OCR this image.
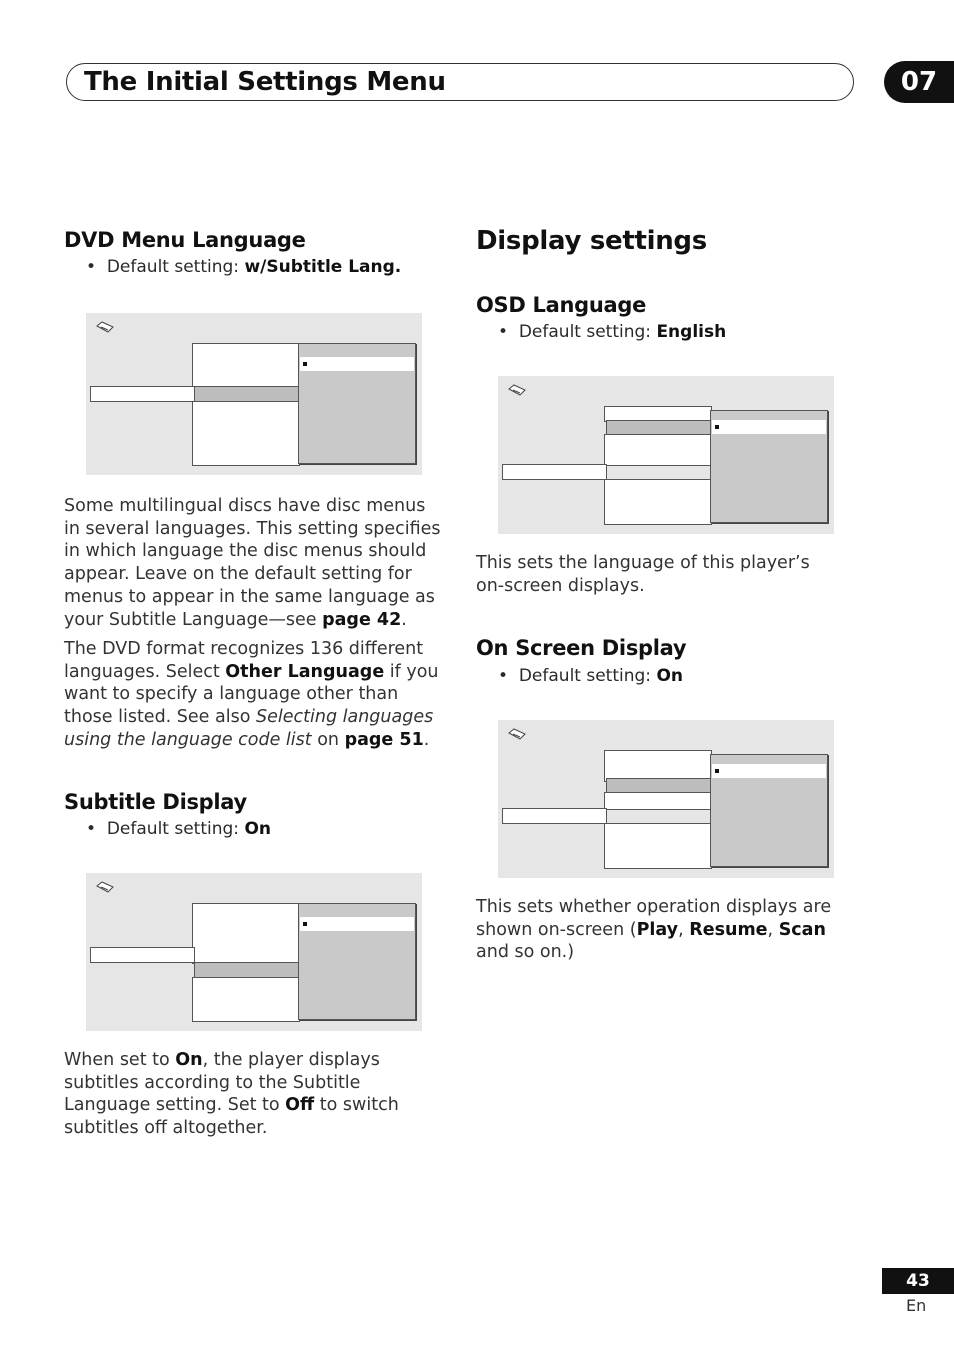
The Initial Settings Menu	07
DVD Menu Language
•  Default setting: w/Subtitle Lang.

Some multilingual discs have disc menus in several languages. This setting specifies in which language the disc menus should appear. Leave on the default setting for menus to appear in the same language as your Subtitle Language—see page 42.

The DVD format recognizes 136 different languages. Select Other Language if you want to specify a language other than those listed. See also Selecting languages using the language code list on page 51.

Subtitle Display
•  Default setting: On

When set to On, the player displays subtitles according to the Subtitle Language setting. Set to Off to switch subtitles off altogether.

Display settings
OSD Language
•  Default setting: English

This sets the language of this player’s on-screen displays.

On Screen Display
•  Default setting: On

This sets whether operation displays are shown on-screen (Play, Resume, Scan and so on.)

43
En
